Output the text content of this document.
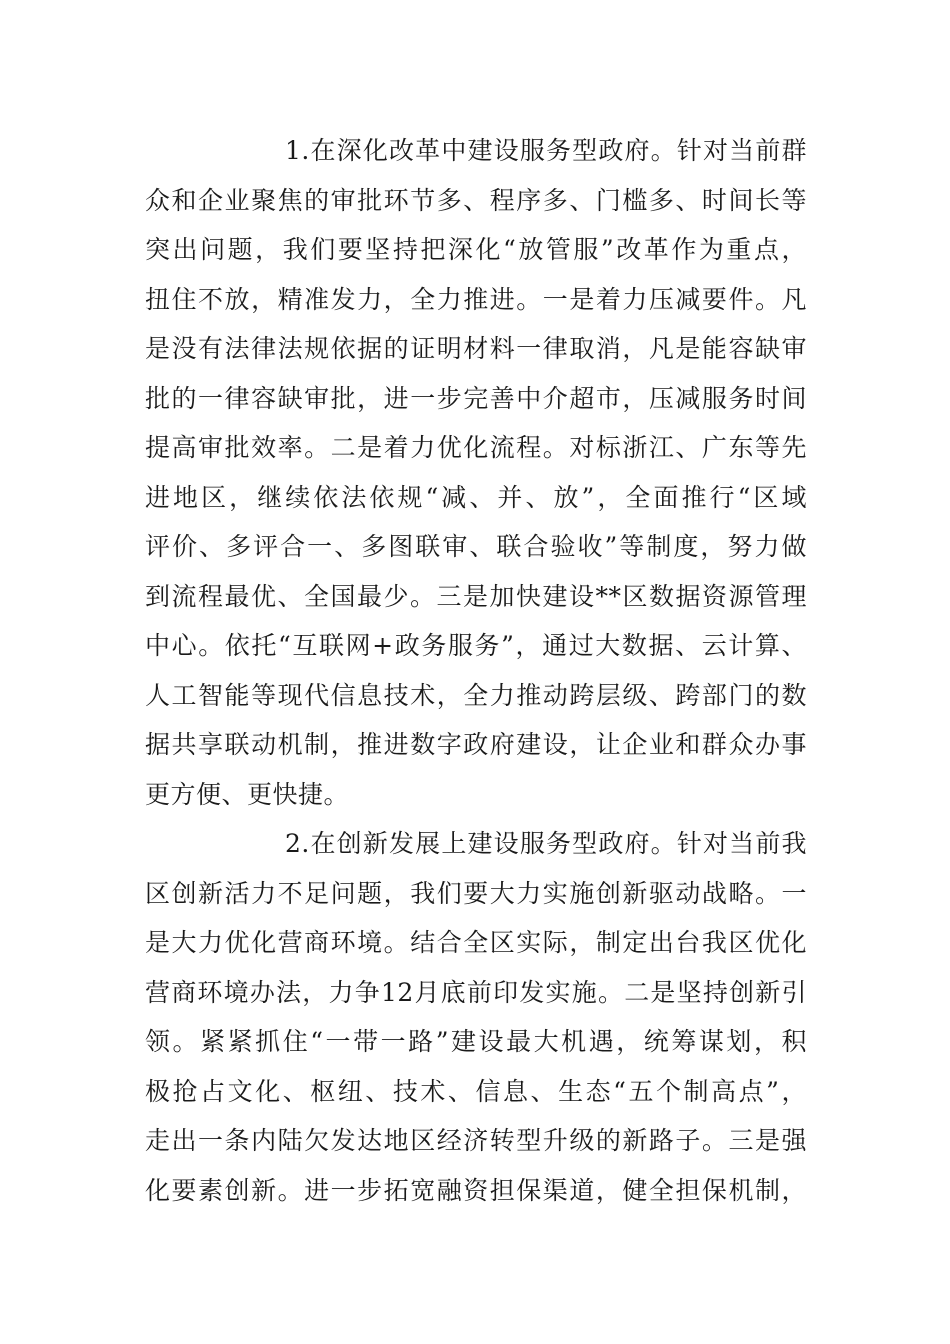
1.在深化改革中建设服务型政府。针对当前群
众和企业聚焦的审批环节多、程序多、门槛多、时间长等
突出问题，我们要坚持把深化“放管服”改革作为重点，
扭住不放，精准发力，全力推进。一是着力压减要件。凡
是没有法律法规依据的证明材料一律取消，凡是能容缺审
批的一律容缺审批，进一步完善中介超市，压减服务时间
提高审批效率。二是着力优化流程。对标浙江、广东等先
进地区，继续依法依规“减、并、放”，全面推行“区域
评价、多评合一、多图联审、联合验收”等制度，努力做
到流程最优、全国最少。三是加快建设**区数据资源管理
中心。依托“互联网+政务服务”，通过大数据、云计算、
人工智能等现代信息技术，全力推动跨层级、跨部门的数
据共享联动机制，推进数字政府建设，让企业和群众办事
更方便、更快捷。
2.在创新发展上建设服务型政府。针对当前我
区创新活力不足问题，我们要大力实施创新驱动战略。一
是大力优化营商环境。结合全区实际，制定出台我区优化
营商环境办法，力争12月底前印发实施。二是坚持创新引
领。紧紧抓住“一带一路”建设最大机遇，统筹谋划，积
极抢占文化、枢纽、技术、信息、生态“五个制高点”，
走出一条内陆欠发达地区经济转型升级的新路子。三是强
化要素创新。进一步拓宽融资担保渠道，健全担保机制，
